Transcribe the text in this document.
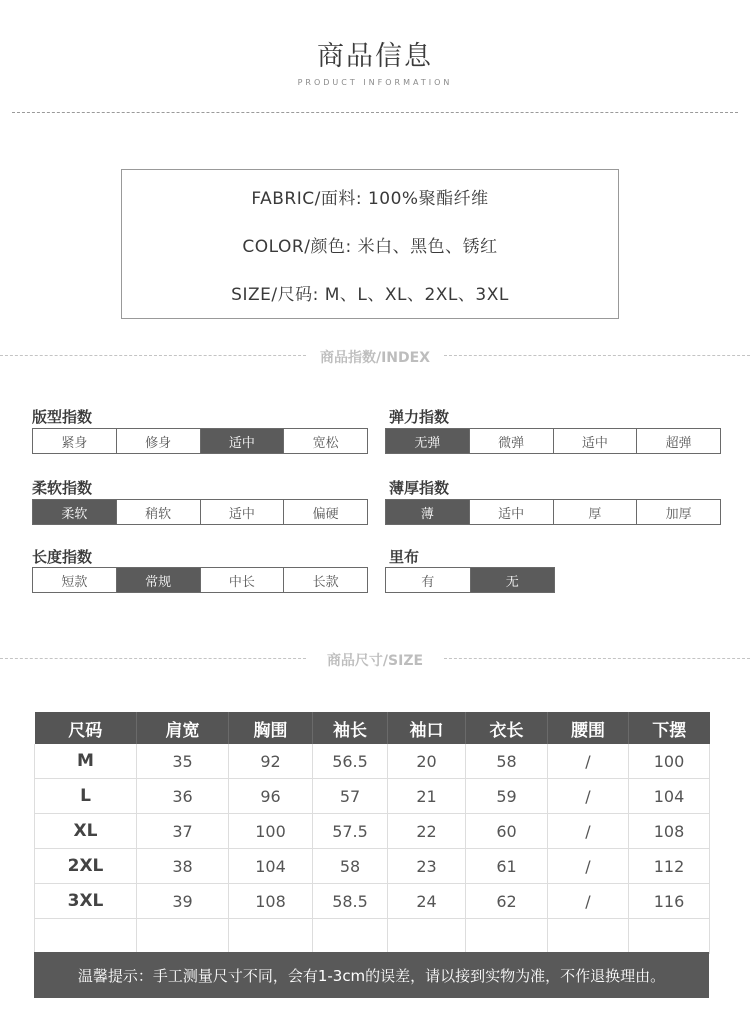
商品信息
PRODUCT INFORMATION
FABRIC/面料: 100%聚酯纤维
COLOR/颜色: 米白、黑色、锈红
SIZE/尺码: M、L、XL、2XL、3XL
商品指数/INDEX
版型指数
紧身	修身	适中	宽松
弹力指数
无弹	微弹	适中	超弹
柔软指数
柔软	稍软	适中	偏硬
薄厚指数
薄	适中	厚	加厚
长度指数
短款	常规	中长	长款
里布
有	无
商品尺寸/SIZE
尺码	肩宽	胸围	袖长	袖口	衣长	腰围	下摆
M	35	92	56.5	20	58	/	100
L	36	96	57	21	59	/	104
XL	37	100	57.5	22	60	/	108
2XL	38	104	58	23	61	/	112
3XL	39	108	58.5	24	62	/	116

温馨提示：手工测量尺寸不同，会有1-3cm的误差，请以接到实物为准，不作退换理由。
